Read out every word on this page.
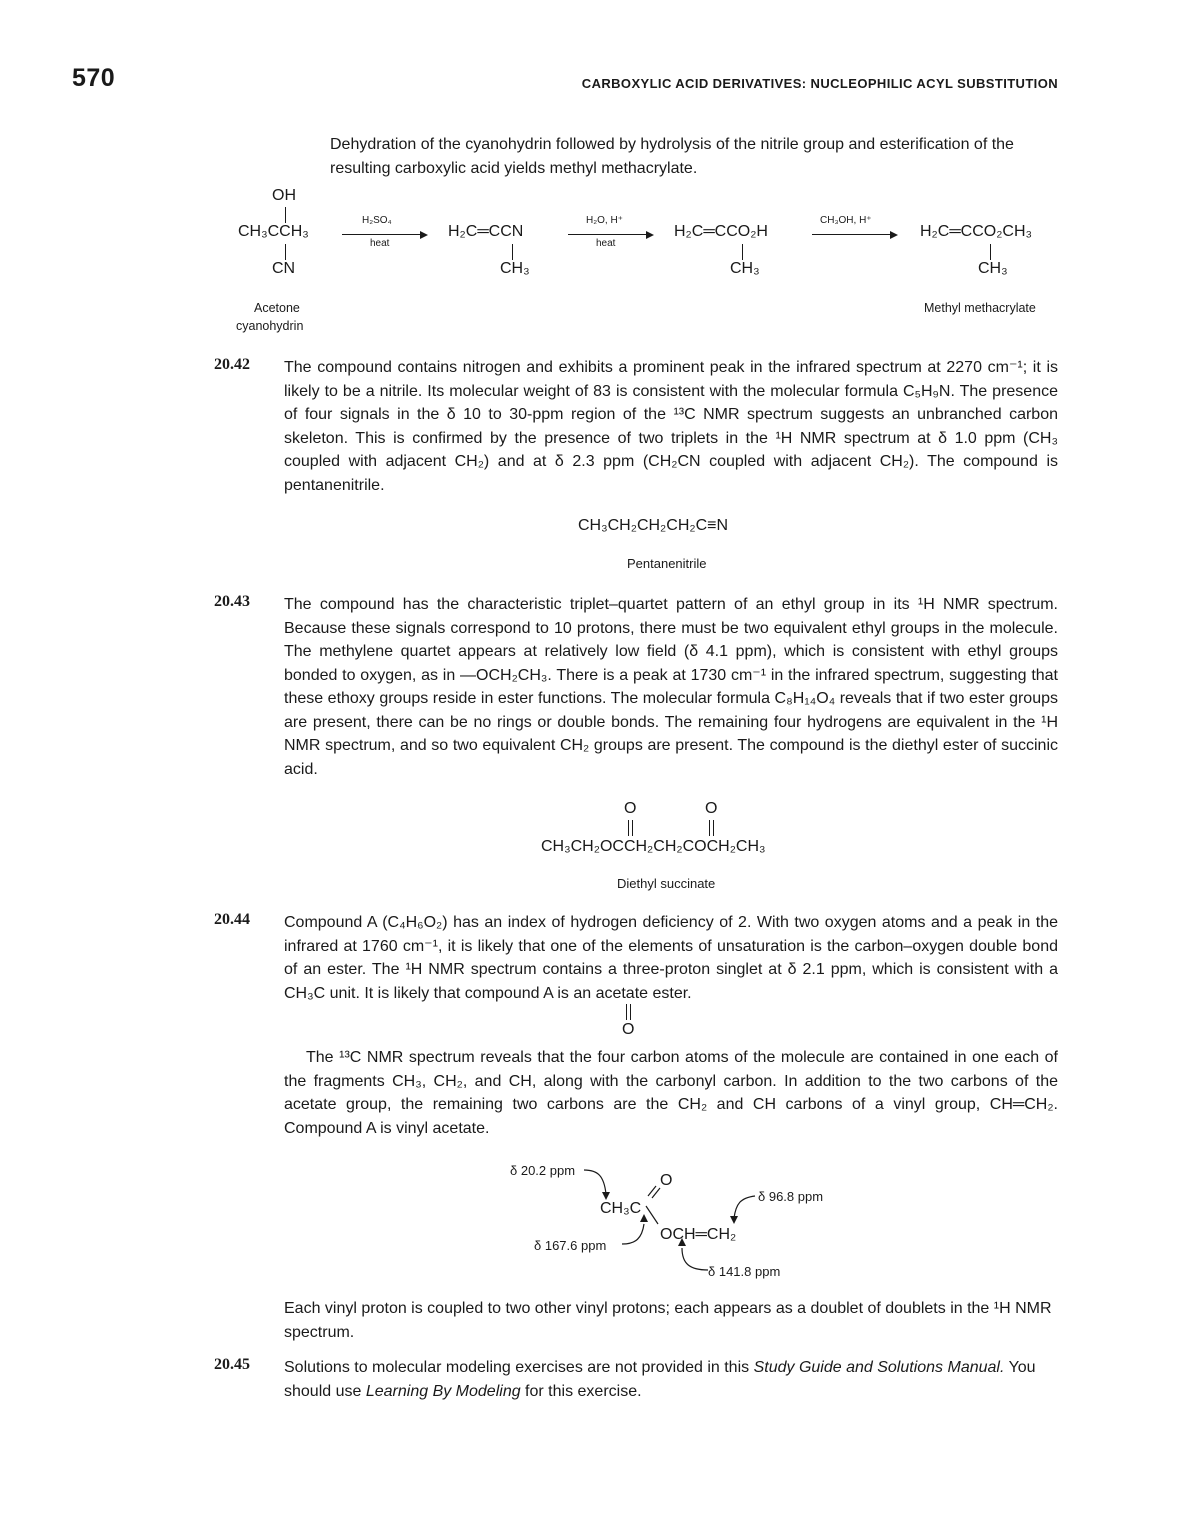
570	CARBOXYLIC ACID DERIVATIVES: NUCLEOPHILIC ACYL SUBSTITUTION
Dehydration of the cyanohydrin followed by hydrolysis of the nitrile group and esterification of the resulting carboxylic acid yields methyl methacrylate.
OH
CH₃CCH₃
CN
Acetone
cyanohydrin
H₂SO₄
heat
H₂C═CCN
CH₃
H₂O, H⁺
heat
H₂C═CCO₂H
CH₃
CH₃OH, H⁺
H₂C═CCO₂CH₃
CH₃
Methyl methacrylate
20.42 The compound contains nitrogen and exhibits a prominent peak in the infrared spectrum at 2270 cm⁻¹; it is likely to be a nitrile. Its molecular weight of 83 is consistent with the molecular formula C₅H₉N. The presence of four signals in the δ 10 to 30-ppm region of the ¹³C NMR spectrum suggests an unbranched carbon skeleton. This is confirmed by the presence of two triplets in the ¹H NMR spectrum at δ 1.0 ppm (CH₃ coupled with adjacent CH₂) and at δ 2.3 ppm (CH₂CN coupled with adjacent CH₂). The compound is pentanenitrile.
CH₃CH₂CH₂CH₂C≡N
Pentanenitrile
20.43 The compound has the characteristic triplet–quartet pattern of an ethyl group in its ¹H NMR spectrum. Because these signals correspond to 10 protons, there must be two equivalent ethyl groups in the molecule. The methylene quartet appears at relatively low field (δ 4.1 ppm), which is consistent with ethyl groups bonded to oxygen, as in —OCH₂CH₃. There is a peak at 1730 cm⁻¹ in the infrared spectrum, suggesting that these ethoxy groups reside in ester functions. The molecular formula C₈H₁₄O₄ reveals that if two ester groups are present, there can be no rings or double bonds. The remaining four hydrogens are equivalent in the ¹H NMR spectrum, and so two equivalent CH₂ groups are present. The compound is the diethyl ester of succinic acid.
O	O
CH₃CH₂OCCH₂CH₂COCH₂CH₃
Diethyl succinate
20.44 Compound A (C₄H₆O₂) has an index of hydrogen deficiency of 2. With two oxygen atoms and a peak in the infrared at 1760 cm⁻¹, it is likely that one of the elements of unsaturation is the carbon–oxygen double bond of an ester. The ¹H NMR spectrum contains a three-proton singlet at δ 2.1 ppm, which is consistent with a CH₃C unit. It is likely that compound A is an acetate ester.
O
The ¹³C NMR spectrum reveals that the four carbon atoms of the molecule are contained in one each of the fragments CH₃, CH₂, and CH, along with the carbonyl carbon. In addition to the two carbons of the acetate group, the remaining two carbons are the CH₂ and CH carbons of a vinyl group, CH═CH₂. Compound A is vinyl acetate.
δ 20.2 ppm
O
CH₃C
δ 96.8 ppm
OCH═CH₂
δ 167.6 ppm
δ 141.8 ppm
Each vinyl proton is coupled to two other vinyl protons; each appears as a doublet of doublets in the ¹H NMR spectrum.
20.45 Solutions to molecular modeling exercises are not provided in this Study Guide and Solutions Manual. You should use Learning By Modeling for this exercise.
